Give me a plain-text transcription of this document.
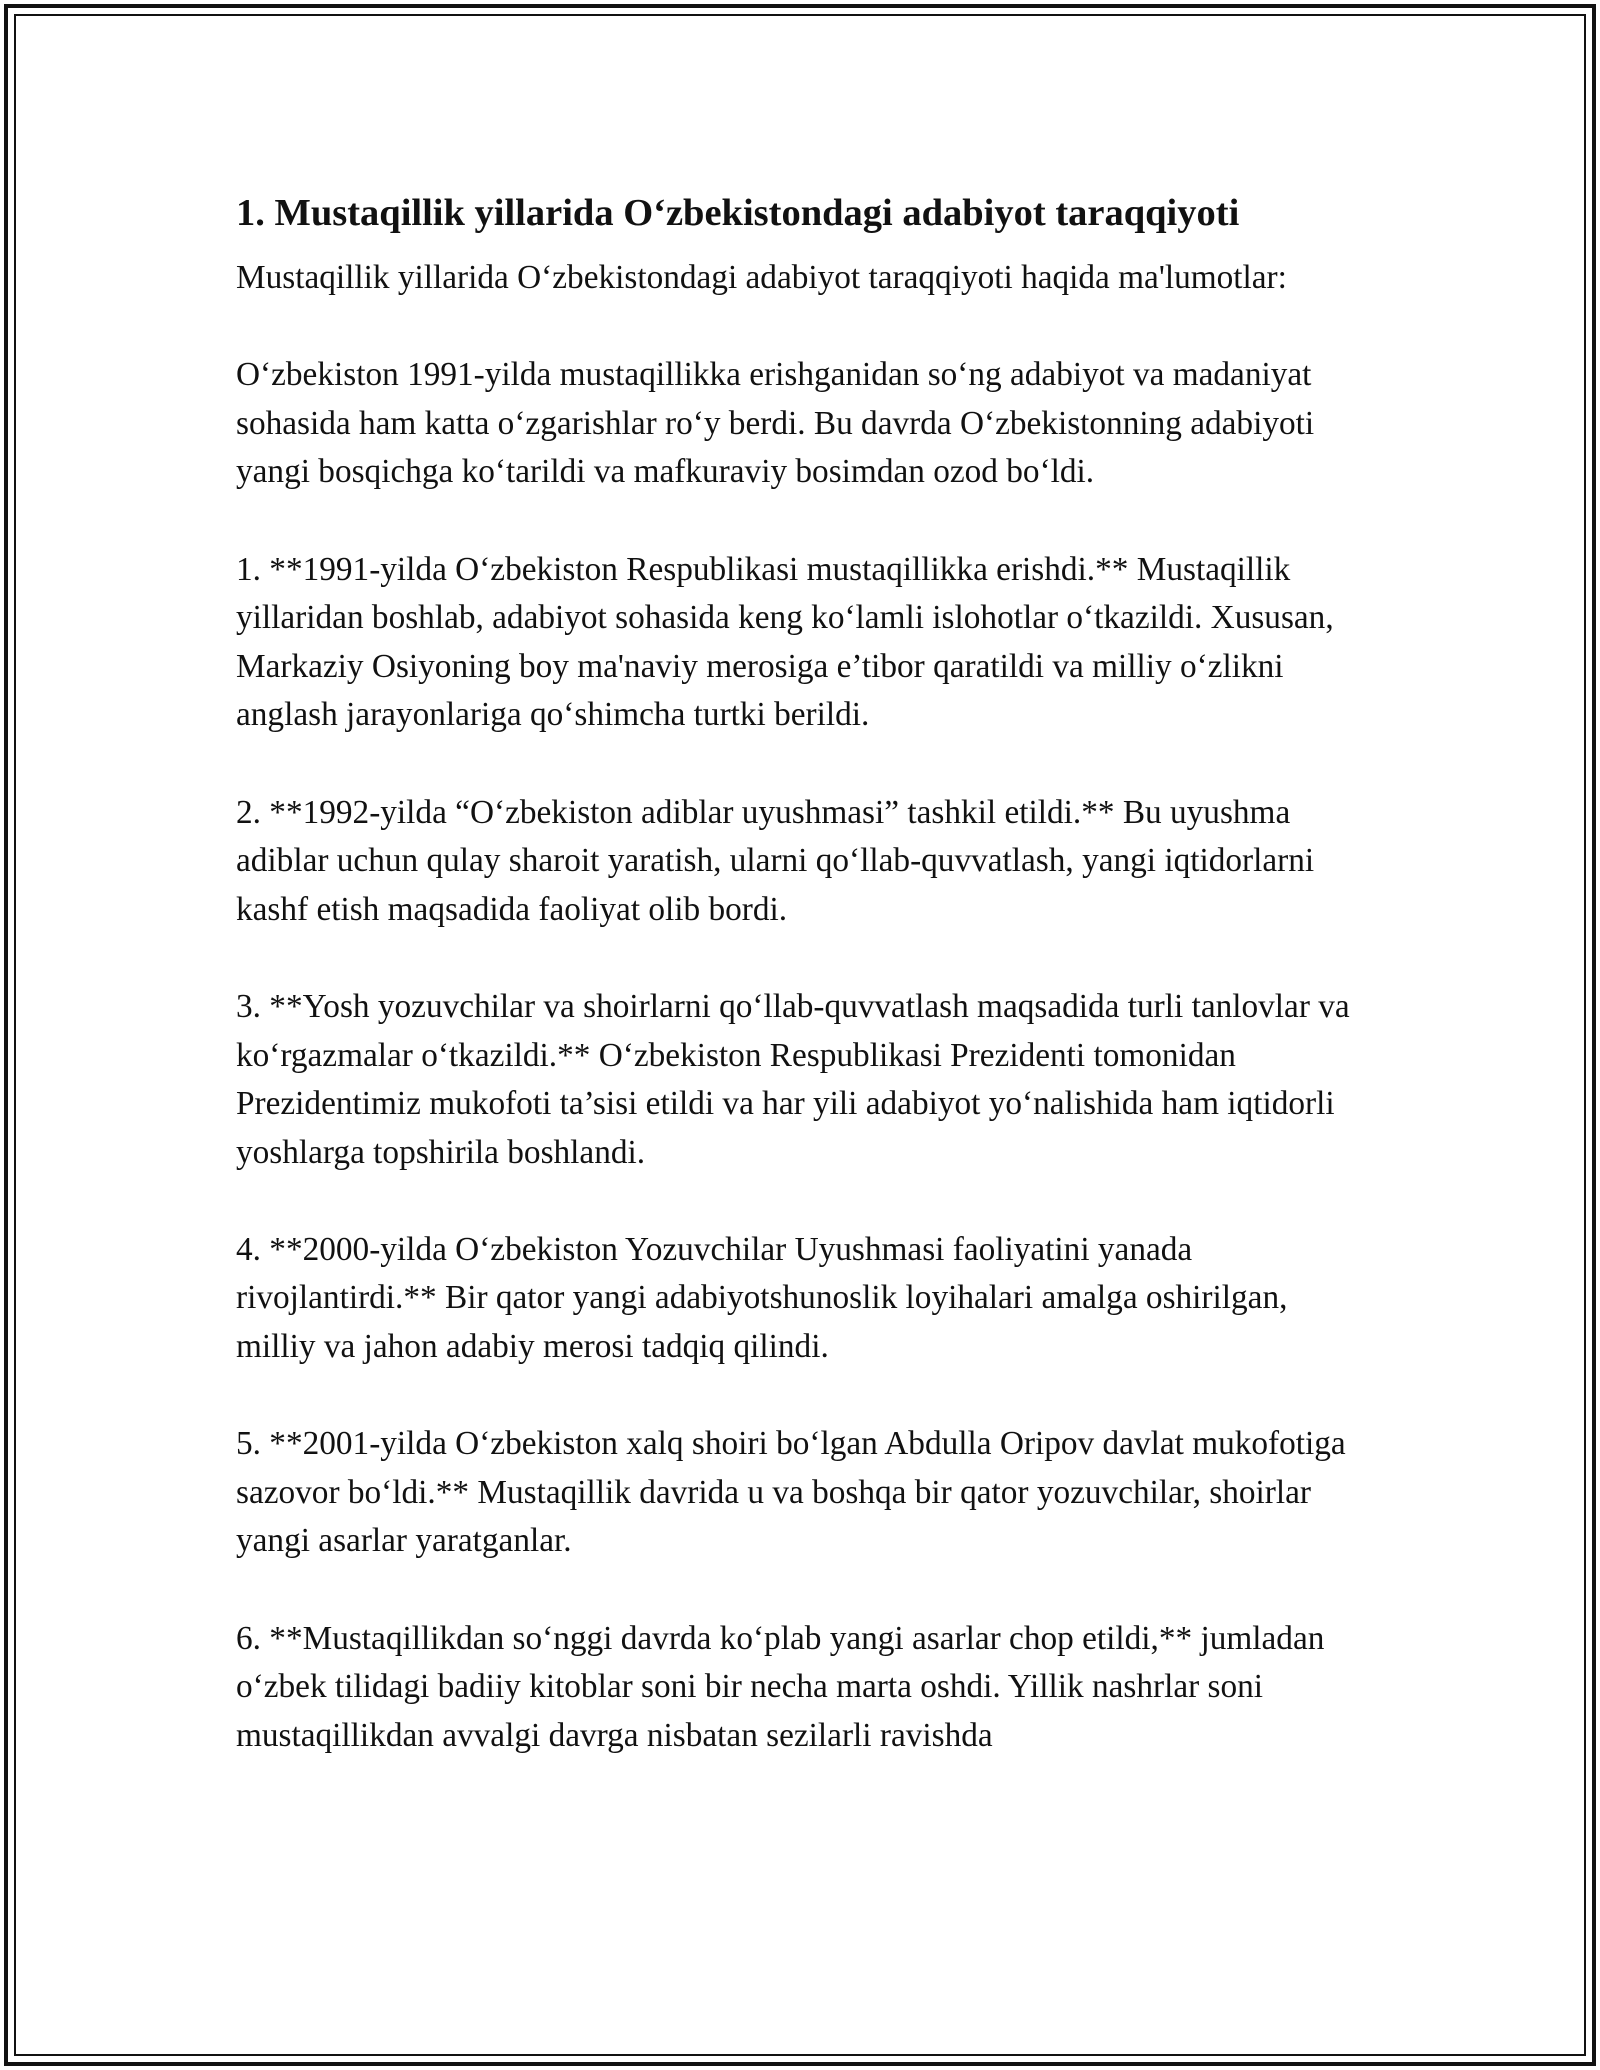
1. Mustaqillik yillarida O‘zbekistondagi adabiyot taraqqiyoti

Mustaqillik yillarida O‘zbekistondagi adabiyot taraqqiyoti haqida ma'lumotlar:

O‘zbekiston 1991-yilda mustaqillikka erishganidan so‘ng adabiyot va madaniyat sohasida ham katta o‘zgarishlar ro‘y berdi. Bu davrda O‘zbekistonning adabiyoti yangi bosqichga ko‘tarildi va mafkuraviy bosimdan ozod bo‘ldi.

1. **1991-yilda O‘zbekiston Respublikasi mustaqillikka erishdi.** Mustaqillik yillaridan boshlab, adabiyot sohasida keng ko‘lamli islohotlar o‘tkazildi. Xususan, Markaziy Osiyoning boy ma'naviy merosiga e’tibor qaratildi va milliy o‘zlikni anglash jarayonlariga qo‘shimcha turtki berildi.

2. **1992-yilda “O‘zbekiston adiblar uyushmasi” tashkil etildi.** Bu uyushma adiblar uchun qulay sharoit yaratish, ularni qo‘llab-quvvatlash, yangi iqtidorlarni kashf etish maqsadida faoliyat olib bordi.

3. **Yosh yozuvchilar va shoirlarni qo‘llab-quvvatlash maqsadida turli tanlovlar va ko‘rgazmalar o‘tkazildi.** O‘zbekiston Respublikasi Prezidenti tomonidan Prezidentimiz mukofoti ta’sisi etildi va har yili adabiyot yo‘nalishida ham iqtidorli yoshlarga topshirila boshlandi.

4. **2000-yilda O‘zbekiston Yozuvchilar Uyushmasi faoliyatini yanada rivojlantirdi.** Bir qator yangi adabiyotshunoslik loyihalari amalga oshirilgan, milliy va jahon adabiy merosi tadqiq qilindi.

5. **2001-yilda O‘zbekiston xalq shoiri bo‘lgan Abdulla Oripov davlat mukofotiga sazovor bo‘ldi.** Mustaqillik davrida u va boshqa bir qator yozuvchilar, shoirlar yangi asarlar yaratganlar.

6. **Mustaqillikdan so‘nggi davrda ko‘plab yangi asarlar chop etildi,** jumladan o‘zbek tilidagi badiiy kitoblar soni bir necha marta oshdi. Yillik nashrlar soni mustaqillikdan avvalgi davrga nisbatan sezilarli ravishda
